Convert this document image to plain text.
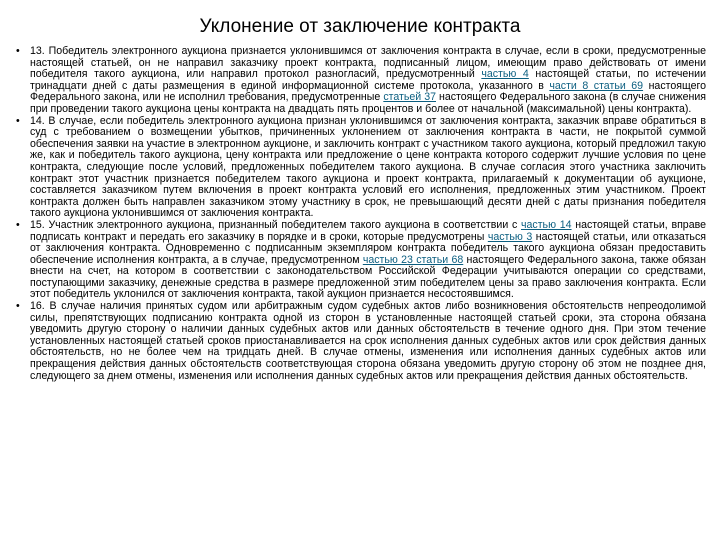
Уклонение от заключение контракта
• 13. Победитель электронного аукциона признается уклонившимся от заключения контракта в случае, если в сроки, предусмотренные настоящей статьей, он не направил заказчику проект контракта, подписанный лицом, имеющим право действовать от имени победителя такого аукциона, или направил протокол разногласий, предусмотренный частью 4 настоящей статьи, по истечении тринадцати дней с даты размещения в единой информационной системе протокола, указанного в части 8 статьи 69 настоящего Федерального закона, или не исполнил требования, предусмотренные статьей 37 настоящего Федерального закона (в случае снижения при проведении такого аукциона цены контракта на двадцать пять процентов и более от начальной (максимальной) цены контракта).
• 14. В случае, если победитель электронного аукциона признан уклонившимся от заключения контракта, заказчик вправе обратиться в суд с требованием о возмещении убытков, причиненных уклонением от заключения контракта в части, не покрытой суммой обеспечения заявки на участие в электронном аукционе, и заключить контракт с участником такого аукциона, который предложил такую же, как и победитель такого аукциона, цену контракта или предложение о цене контракта которого содержит лучшие условия по цене контракта, следующие после условий, предложенных победителем такого аукциона. В случае согласия этого участника заключить контракт этот участник признается победителем такого аукциона и проект контракта, прилагаемый к документации об аукционе, составляется заказчиком путем включения в проект контракта условий его исполнения, предложенных этим участником. Проект контракта должен быть направлен заказчиком этому участнику в срок, не превышающий десяти дней с даты признания победителя такого аукциона уклонившимся от заключения контракта.
• 15. Участник электронного аукциона, признанный победителем такого аукциона в соответствии с частью 14 настоящей статьи, вправе подписать контракт и передать его заказчику в порядке и в сроки, которые предусмотрены частью 3 настоящей статьи, или отказаться от заключения контракта. Одновременно с подписанным экземпляром контракта победитель такого аукциона обязан предоставить обеспечение исполнения контракта, а в случае, предусмотренном частью 23 статьи 68 настоящего Федерального закона, также обязан внести на счет, на котором в соответствии с законодательством Российской Федерации учитываются операции со средствами, поступающими заказчику, денежные средства в размере предложенной этим победителем цены за право заключения контракта. Если этот победитель уклонился от заключения контракта, такой аукцион признается несостоявшимся.
• 16. В случае наличия принятых судом или арбитражным судом судебных актов либо возникновения обстоятельств непреодолимой силы, препятствующих подписанию контракта одной из сторон в установленные настоящей статьей сроки, эта сторона обязана уведомить другую сторону о наличии данных судебных актов или данных обстоятельств в течение одного дня. При этом течение установленных настоящей статьей сроков приостанавливается на срок исполнения данных судебных актов или срок действия данных обстоятельств, но не более чем на тридцать дней. В случае отмены, изменения или исполнения данных судебных актов или прекращения действия данных обстоятельств соответствующая сторона обязана уведомить другую сторону об этом не позднее дня, следующего за днем отмены, изменения или исполнения данных судебных актов или прекращения действия данных обстоятельств.
